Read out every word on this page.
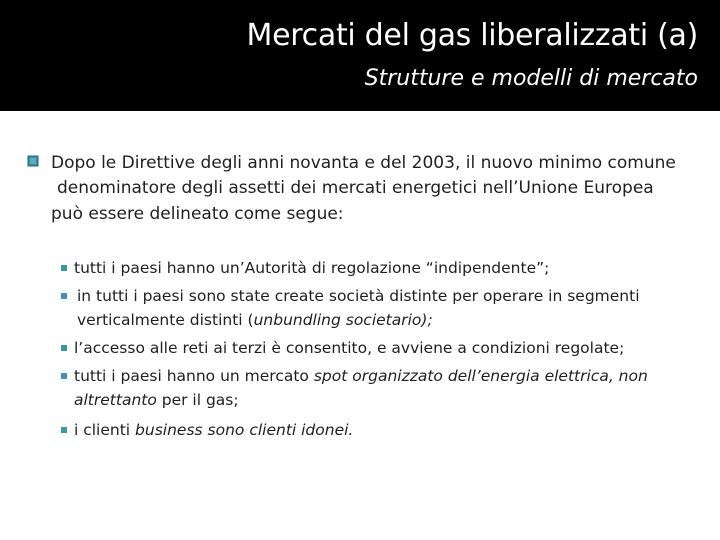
Mercati del gas liberalizzati (a)
Strutture e modelli di mercato
Dopo le Direttive degli anni novanta e del 2003, il nuovo minimo comune
denominatore degli assetti dei mercati energetici nell’Unione Europea
può essere delineato come segue:
tutti i paesi hanno un’Autorità di regolazione “indipendente”;
in tutti i paesi sono state create società distinte per operare in segmenti
verticalmente distinti (unbundling societario);
l’accesso alle reti ai terzi è consentito, e avviene a condizioni regolate;
tutti i paesi hanno un mercato spot organizzato dell’energia elettrica, non
altrettanto per il gas;
i clienti business sono clienti idonei.
